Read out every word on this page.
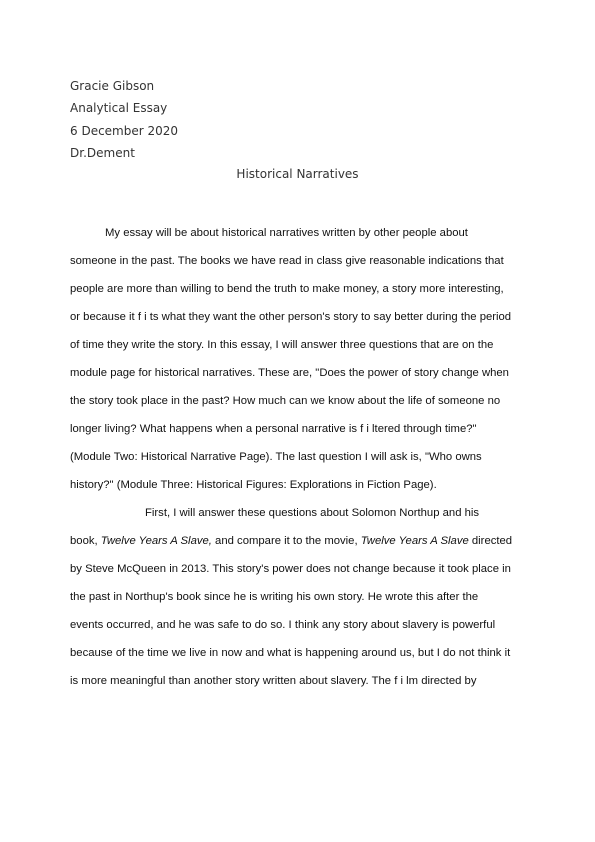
Gracie Gibson
Analytical Essay
6 December 2020
Dr.Dement
Historical Narratives
My essay will be about historical narratives written by other people about
someone in the past. The books we have read in class give reasonable indications that
people are more than willing to bend the truth to make money, a story more interesting,
or because it f i ts what they want the other person's story to say better during the period
of time they write the story. In this essay, I will answer three questions that are on the
module page for historical narratives. These are, "Does the power of story change when
the story took place in the past? How much can we know about the life of someone no
longer living? What happens when a personal narrative is f i ltered through time?"
(Module Two: Historical Narrative Page). The last question I will ask is, "Who owns
history?" (Module Three: Historical Figures: Explorations in Fiction Page).
First, I will answer these questions about Solomon Northup and his
book, Twelve Years A Slave, and compare it to the movie, Twelve Years A Slave directed
by Steve McQueen in 2013. This story's power does not change because it took place in
the past in Northup's book since he is writing his own story. He wrote this after the
events occurred, and he was safe to do so. I think any story about slavery is powerful
because of the time we live in now and what is happening around us, but I do not think it
is more meaningful than another story written about slavery. The f i lm directed by
